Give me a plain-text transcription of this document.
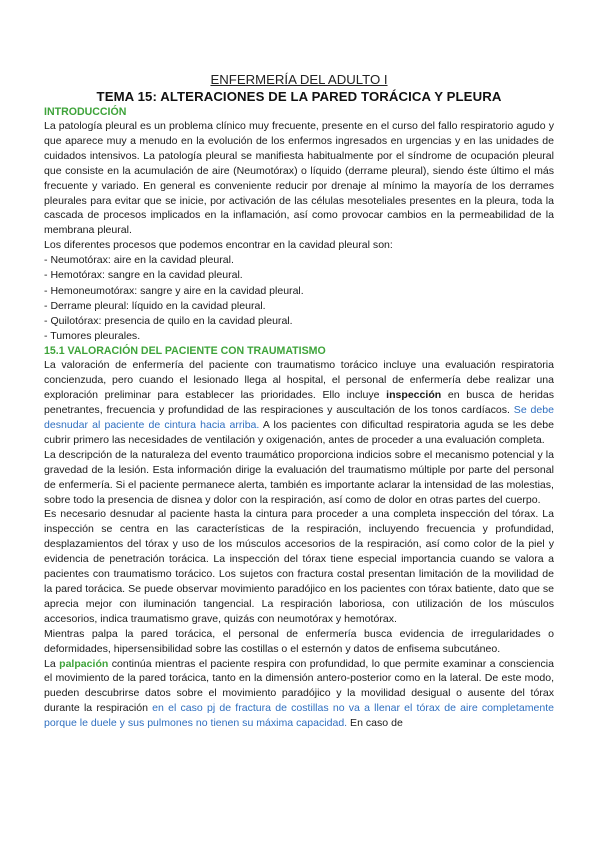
ENFERMERÍA DEL ADULTO I
TEMA 15: ALTERACIONES DE LA PARED TORÁCICA Y PLEURA
INTRODUCCIÓN

La patología pleural es un problema clínico muy frecuente, presente en el curso del fallo respiratorio agudo y que aparece muy a menudo en la evolución de los enfermos ingresados en urgencias y en las unidades de cuidados intensivos. La patología pleural se manifiesta habitualmente por el síndrome de ocupación pleural que consiste en la acumulación de aire (Neumotórax) o líquido (derrame pleural), siendo éste último el más frecuente y variado. En general es conveniente reducir por drenaje al mínimo la mayoría de los derrames pleurales para evitar que se inicie, por activación de las células mesoteliales presentes en la pleura, toda la cascada de procesos implicados en la inflamación, así como provocar cambios en la permeabilidad de la membrana pleural.

Los diferentes procesos que podemos encontrar en la cavidad pleural son:

- Neumotórax: aire en la cavidad pleural.
- Hemotórax: sangre en la cavidad pleural.
- Hemoneumotórax: sangre y aire en la cavidad pleural.
- Derrame pleural: líquido en la cavidad pleural.
- Quilotórax: presencia de quilo en la cavidad pleural.
- Tumores pleurales.
15.1 VALORACIÓN DEL PACIENTE CON TRAUMATISMO

La valoración de enfermería del paciente con traumatismo torácico incluye una evaluación respiratoria concienzuda, pero cuando el lesionado llega al hospital, el personal de enfermería debe realizar una exploración preliminar para establecer las prioridades. Ello incluye inspección en busca de heridas penetrantes, frecuencia y profundidad de las respiraciones y auscultación de los tonos cardíacos. Se debe desnudar al paciente de cintura hacia arriba. A los pacientes con dificultad respiratoria aguda se les debe cubrir primero las necesidades de ventilación y oxigenación, antes de proceder a una evaluación completa.

La descripción de la naturaleza del evento traumático proporciona indicios sobre el mecanismo potencial y la gravedad de la lesión. Esta información dirige la evaluación del traumatismo múltiple por parte del personal de enfermería. Si el paciente permanece alerta, también es importante aclarar la intensidad de las molestias, sobre todo la presencia de disnea y dolor con la respiración, así como de dolor en otras partes del cuerpo.

Es necesario desnudar al paciente hasta la cintura para proceder a una completa inspección del tórax. La inspección se centra en las características de la respiración, incluyendo frecuencia y profundidad, desplazamientos del tórax y uso de los músculos accesorios de la respiración, así como color de la piel y evidencia de penetración torácica. La inspección del tórax tiene especial importancia cuando se valora a pacientes con traumatismo torácico. Los sujetos con fractura costal presentan limitación de la movilidad de la pared torácica. Se puede observar movimiento paradójico en los pacientes con tórax batiente, dato que se aprecia mejor con iluminación tangencial. La respiración laboriosa, con utilización de los músculos accesorios, indica traumatismo grave, quizás con neumotórax y hemotórax.

Mientras palpa la pared torácica, el personal de enfermería busca evidencia de irregularidades o deformidades, hipersensibilidad sobre las costillas o el esternón y datos de enfisema subcutáneo.

La palpación continúa mientras el paciente respira con profundidad, lo que permite examinar a consciencia el movimiento de la pared torácica, tanto en la dimensión antero-posterior como en la lateral. De este modo, pueden descubrirse datos sobre el movimiento paradójico y la movilidad desigual o ausente del tórax durante la respiración en el caso pj de fractura de costillas no va a llenar el tórax de aire completamente porque le duele y sus pulmones no tienen su máxima capacidad. En caso de
